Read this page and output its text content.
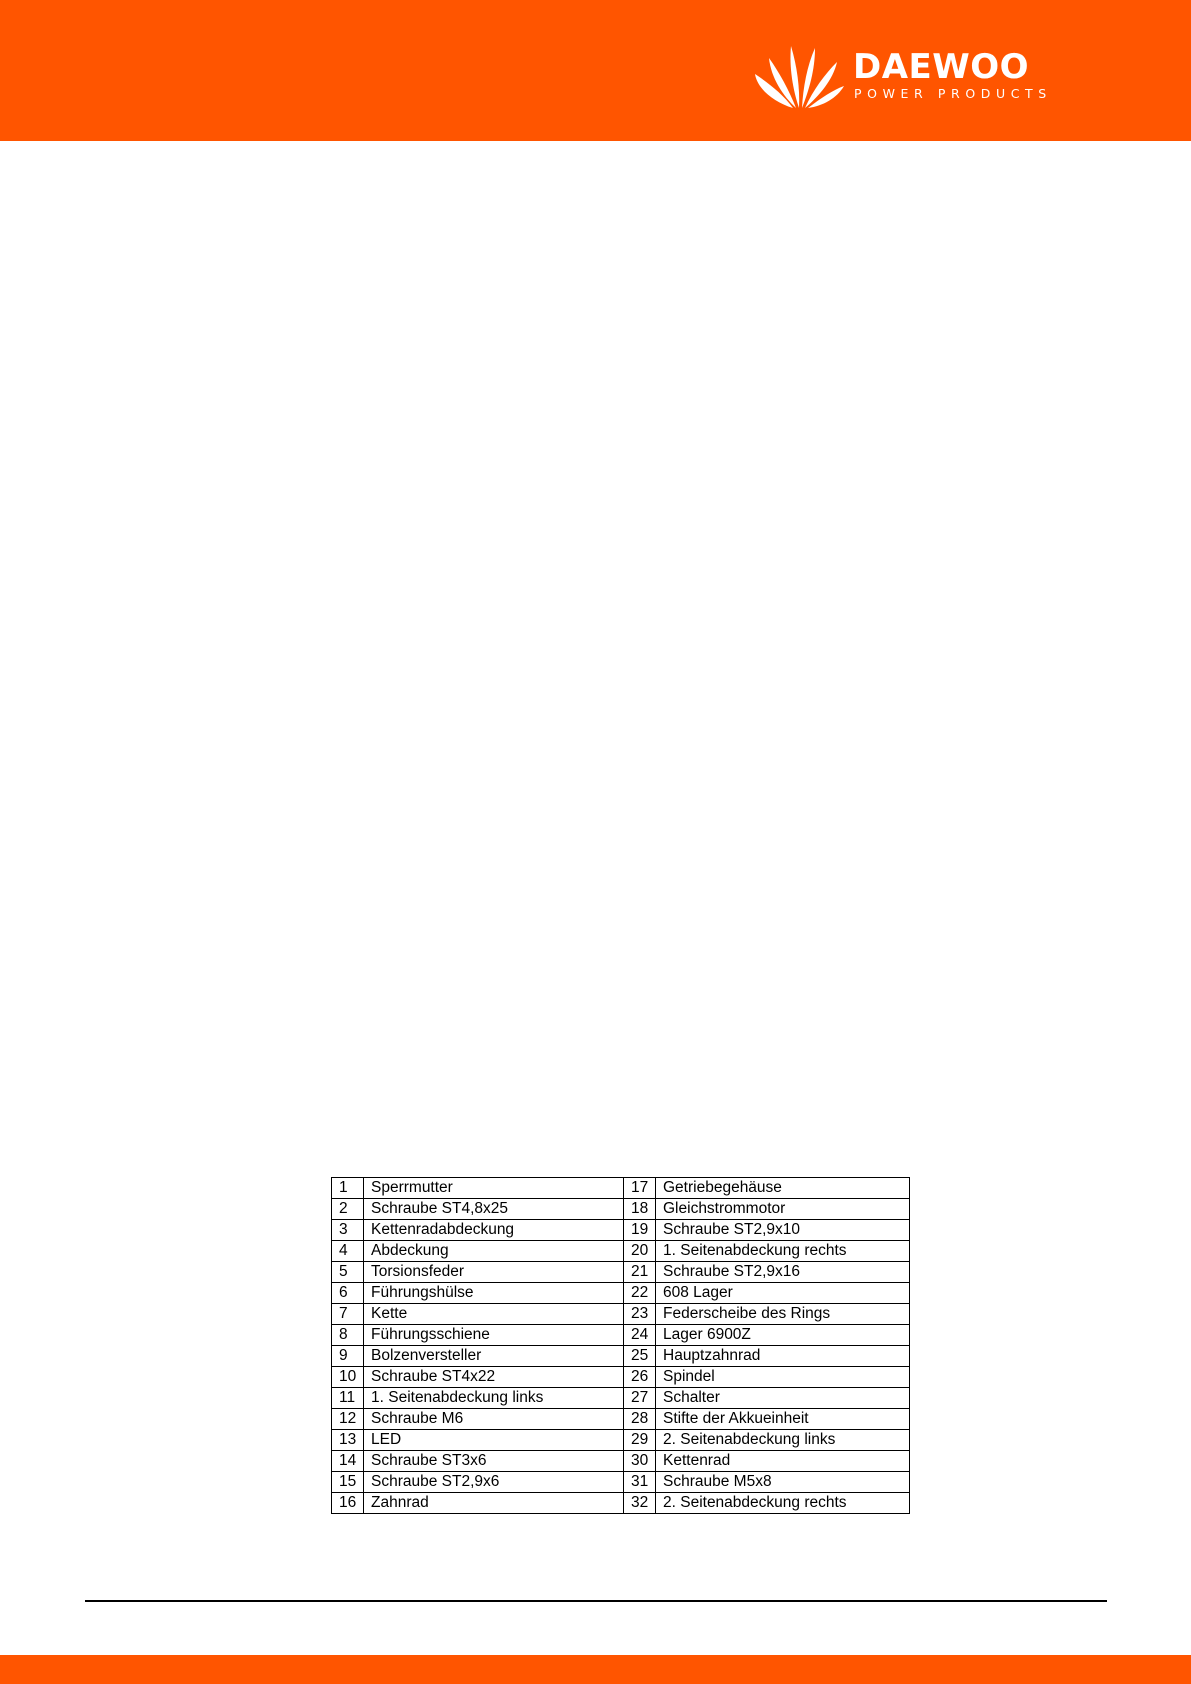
DAEWOO
POWER PRODUCTS
1	Sperrmutter	17	Getriebegehäuse
2	Schraube ST4,8x25	18	Gleichstrommotor
3	Kettenradabdeckung	19	Schraube ST2,9x10
4	Abdeckung	20	1. Seitenabdeckung rechts
5	Torsionsfeder	21	Schraube ST2,9x16
6	Führungshülse	22	608 Lager
7	Kette	23	Federscheibe des Rings
8	Führungsschiene	24	Lager 6900Z
9	Bolzenversteller	25	Hauptzahnrad
10	Schraube ST4x22	26	Spindel
11	1. Seitenabdeckung links	27	Schalter
12	Schraube M6	28	Stifte der Akkueinheit
13	LED	29	2. Seitenabdeckung links
14	Schraube ST3x6	30	Kettenrad
15	Schraube ST2,9x6	31	Schraube M5x8
16	Zahnrad	32	2. Seitenabdeckung rechts
